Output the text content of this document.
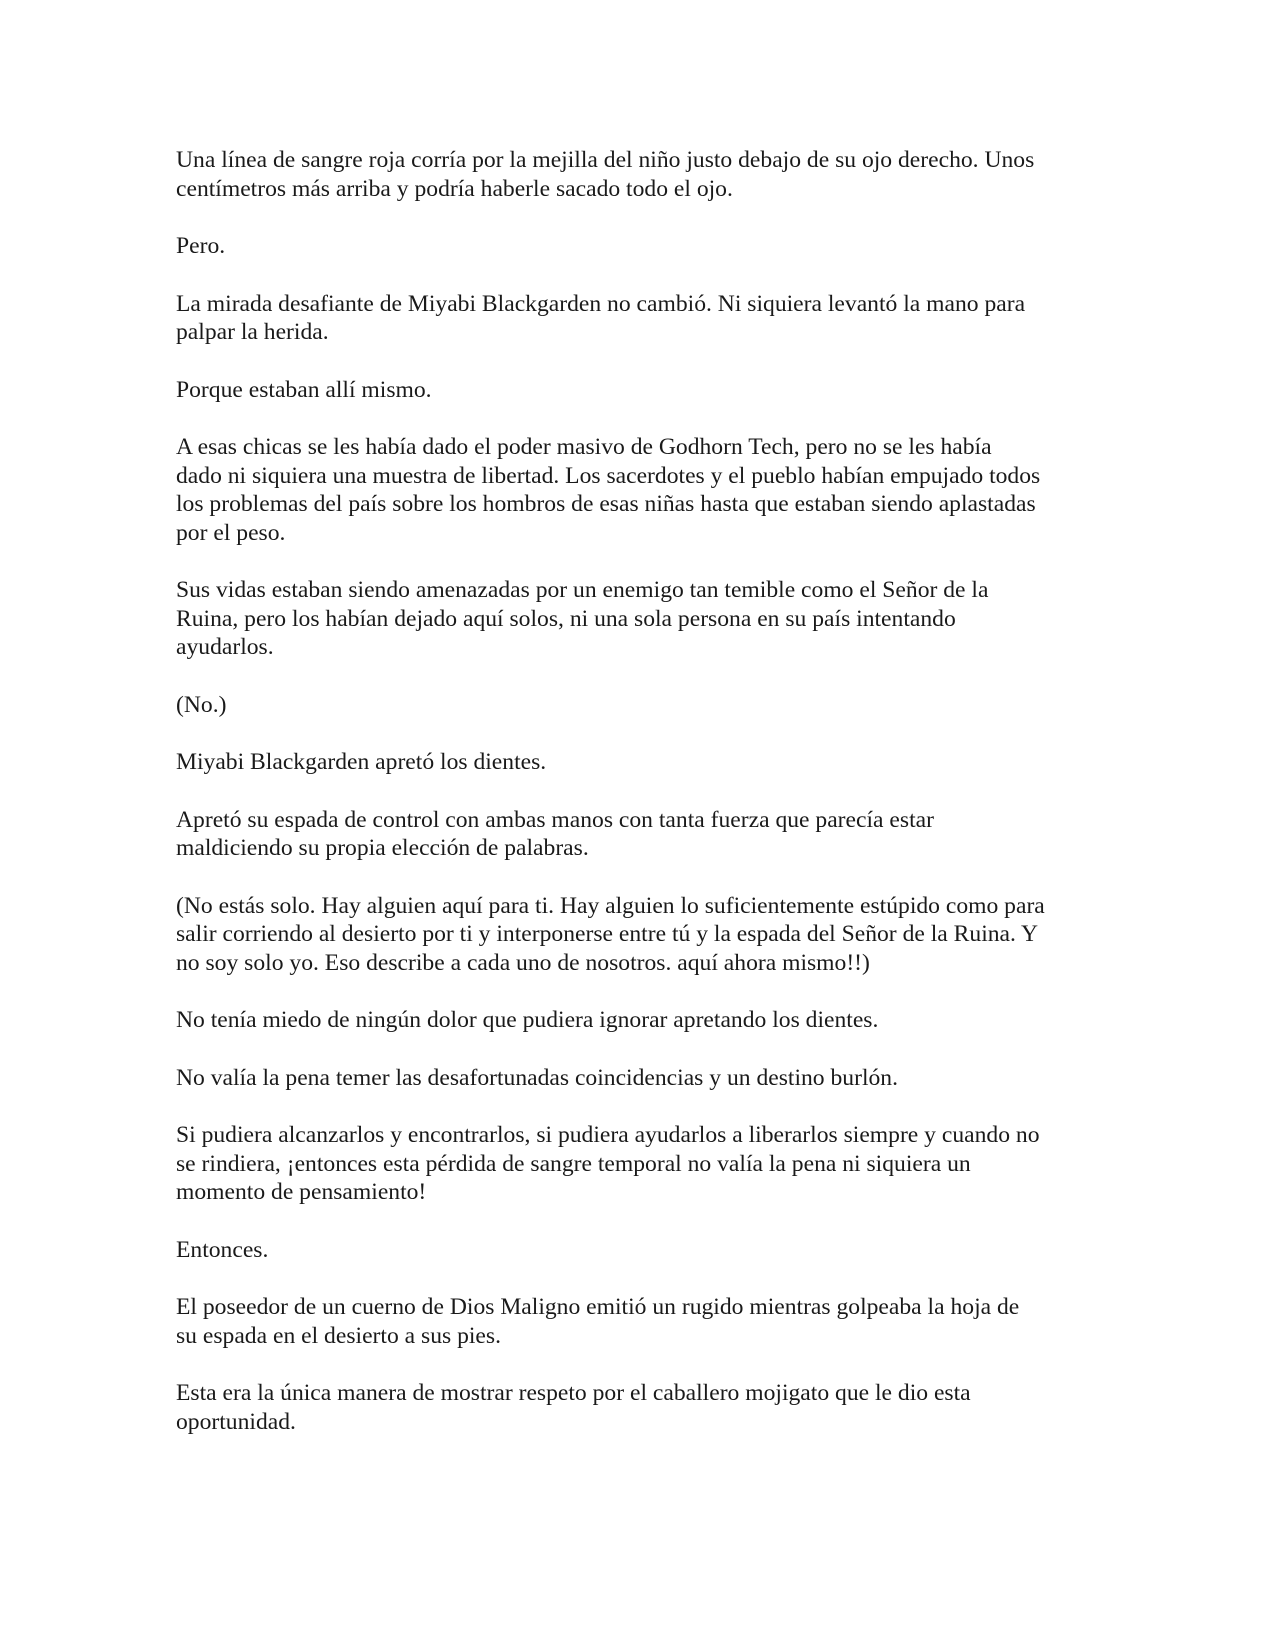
Una línea de sangre roja corría por la mejilla del niño justo debajo de su ojo derecho. Unos
centímetros más arriba y podría haberle sacado todo el ojo.

Pero.

La mirada desafiante de Miyabi Blackgarden no cambió. Ni siquiera levantó la mano para
palpar la herida.

Porque estaban allí mismo.

A esas chicas se les había dado el poder masivo de Godhorn Tech, pero no se les había
dado ni siquiera una muestra de libertad. Los sacerdotes y el pueblo habían empujado todos
los problemas del país sobre los hombros de esas niñas hasta que estaban siendo aplastadas
por el peso.

Sus vidas estaban siendo amenazadas por un enemigo tan temible como el Señor de la
Ruina, pero los habían dejado aquí solos, ni una sola persona en su país intentando
ayudarlos.

(No.)

Miyabi Blackgarden apretó los dientes.

Apretó su espada de control con ambas manos con tanta fuerza que parecía estar
maldiciendo su propia elección de palabras.

(No estás solo. Hay alguien aquí para ti. Hay alguien lo suficientemente estúpido como para
salir corriendo al desierto por ti y interponerse entre tú y la espada del Señor de la Ruina. Y
no soy solo yo. Eso describe a cada uno de nosotros. aquí ahora mismo!!)

No tenía miedo de ningún dolor que pudiera ignorar apretando los dientes.

No valía la pena temer las desafortunadas coincidencias y un destino burlón.

Si pudiera alcanzarlos y encontrarlos, si pudiera ayudarlos a liberarlos siempre y cuando no
se rindiera, ¡entonces esta pérdida de sangre temporal no valía la pena ni siquiera un
momento de pensamiento!

Entonces.

El poseedor de un cuerno de Dios Maligno emitió un rugido mientras golpeaba la hoja de
su espada en el desierto a sus pies.

Esta era la única manera de mostrar respeto por el caballero mojigato que le dio esta
oportunidad.
